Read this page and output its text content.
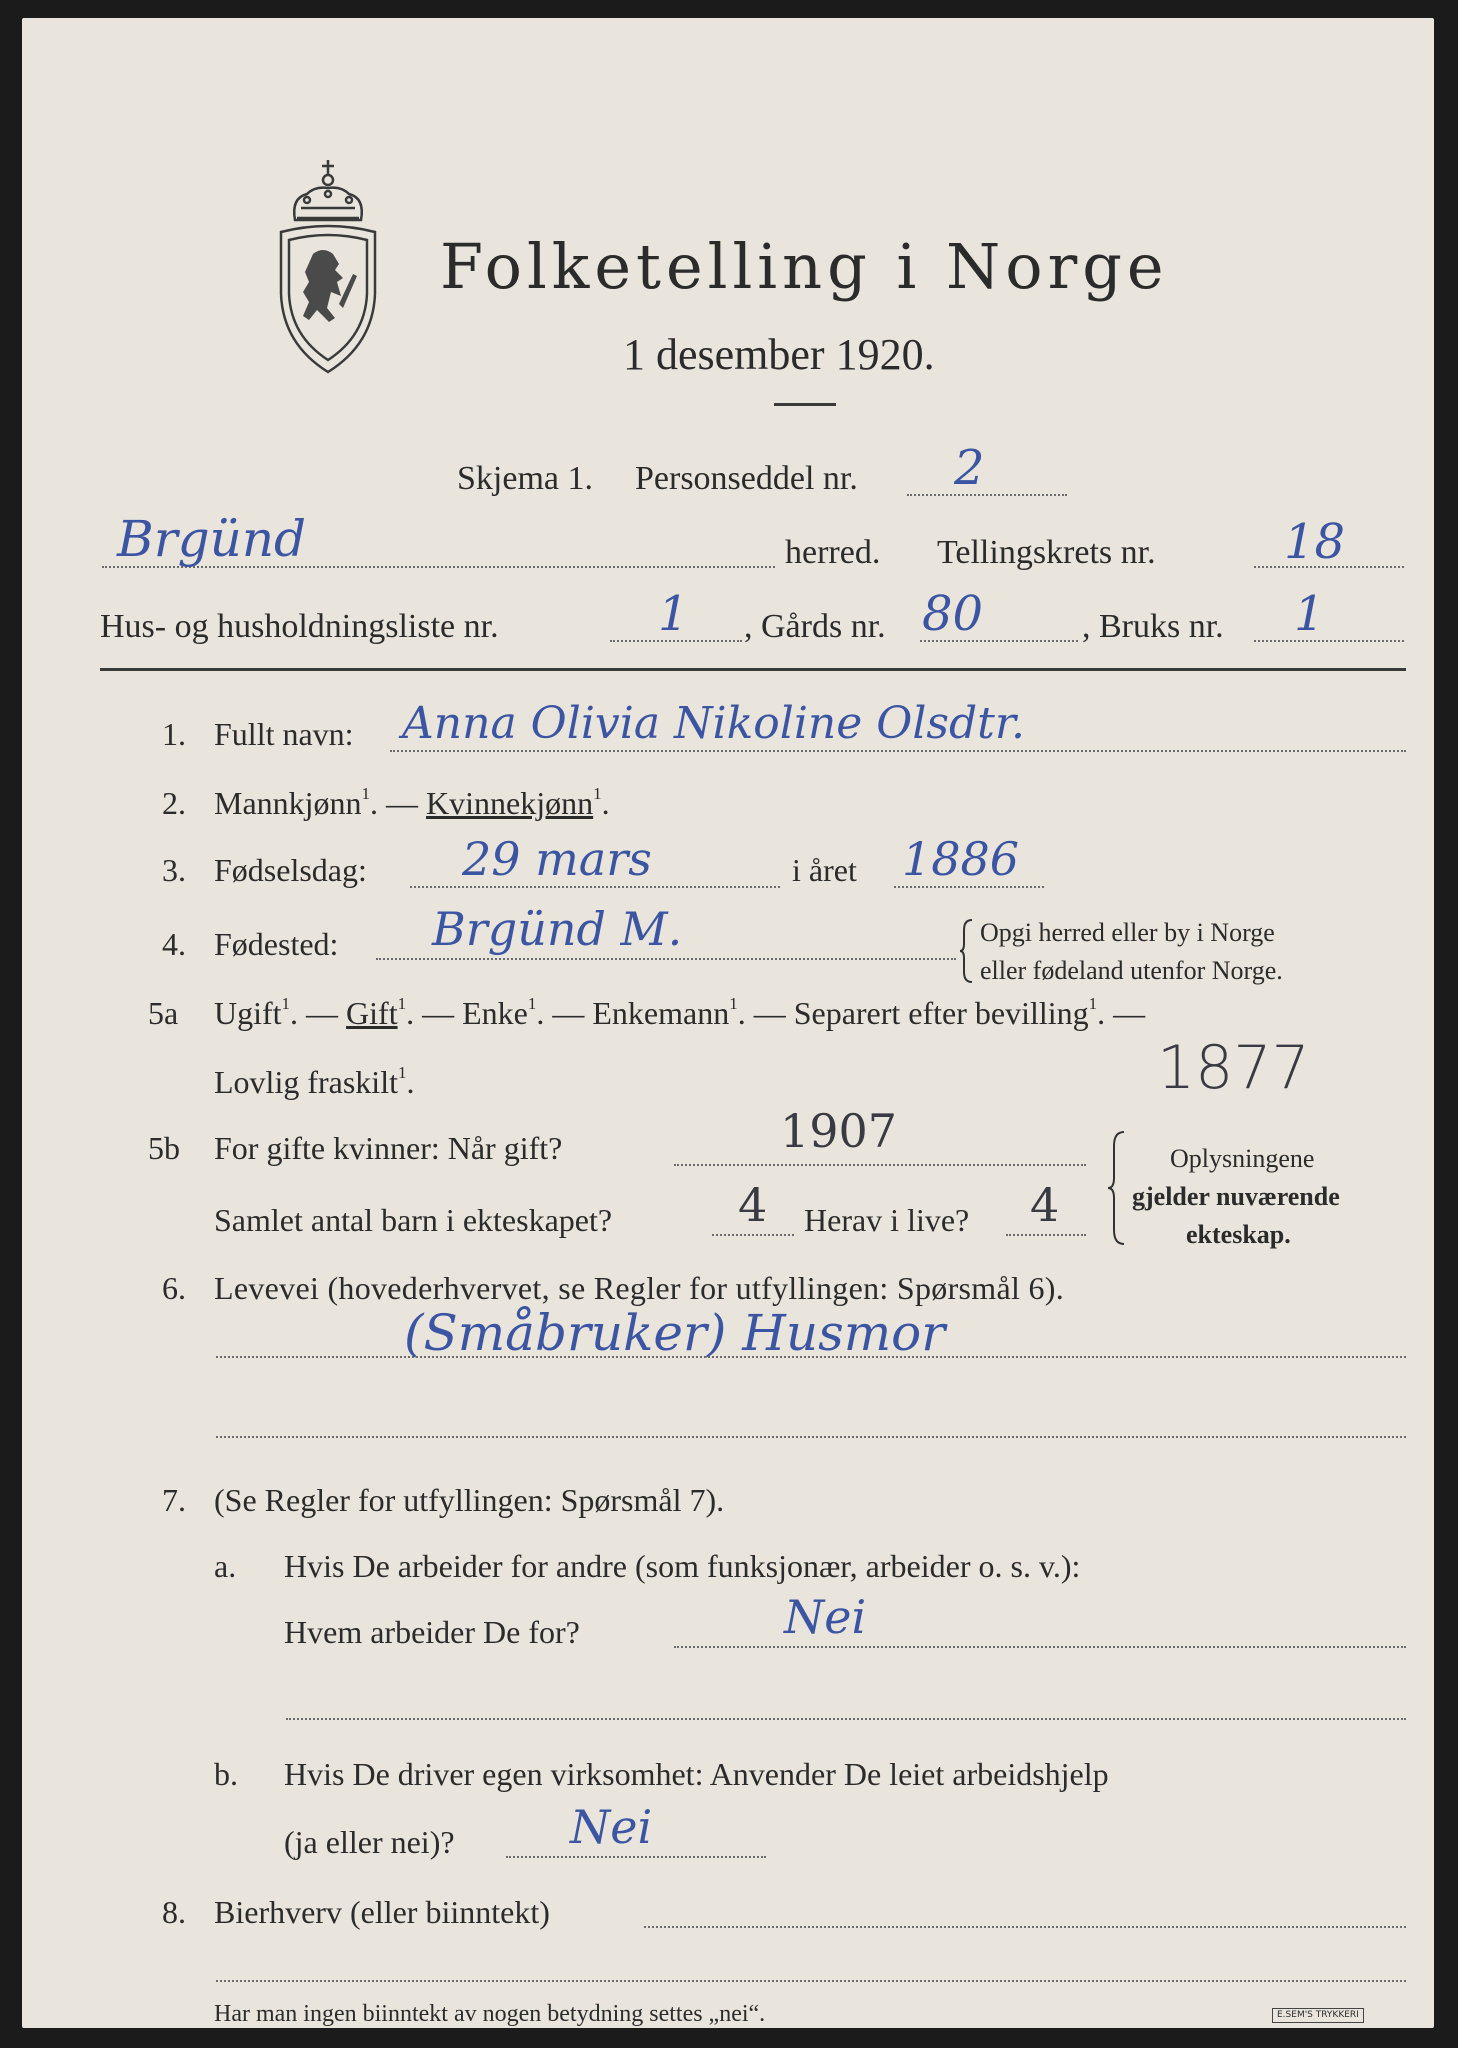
Folketelling i Norge
1 desember 1920.
Skjema 1. Personseddel nr. 2
Brgünd	herred. Tellingskrets nr.	18
Hus- og husholdningsliste nr.	1 , Gårds nr. 80	, Bruks nr. 1
1. Fullt navn: Anna Olivia Nikoline Olsdtr.
2. Mannkjønn$^1$. — Kvinnekjønn$^1$.
3. Fødselsdag: 29 mars	i året 1886
4. Fødested: Brgünd M.	Opgi herred eller by i Norge
eller fødeland utenfor Norge.
5a Ugift$^1$. — Gift$^1$. — Enke$^1$. — Enkemann$^1$. — Separert efter bevilling$^1$. —
Lovlig fraskilt$^1$.	1877
5b For gifte kvinner: Når gift?	1907
Samlet antal barn i ekteskapet?	4 Herav i live? 4
Oplysningene
gjelder nuværende
ekteskap.
6. Levevei (hovederhvervet, se Regler for utfyllingen: Spørsmål 6).
(Småbruker) Husmor
7. (Se Regler for utfyllingen: Spørsmål 7).
a. Hvis De arbeider for andre (som funksjonær, arbeider o. s. v.):
Hvem arbeider De for?	Nei
b. Hvis De driver egen virksomhet: Anvender De leiet arbeidshjelp
(ja eller nei)?	Nei
8. Bierhverv (eller biinntekt)
Har man ingen biinntekt av nogen betydning settes „nei“.	E.SEM'S TRYKKERI
